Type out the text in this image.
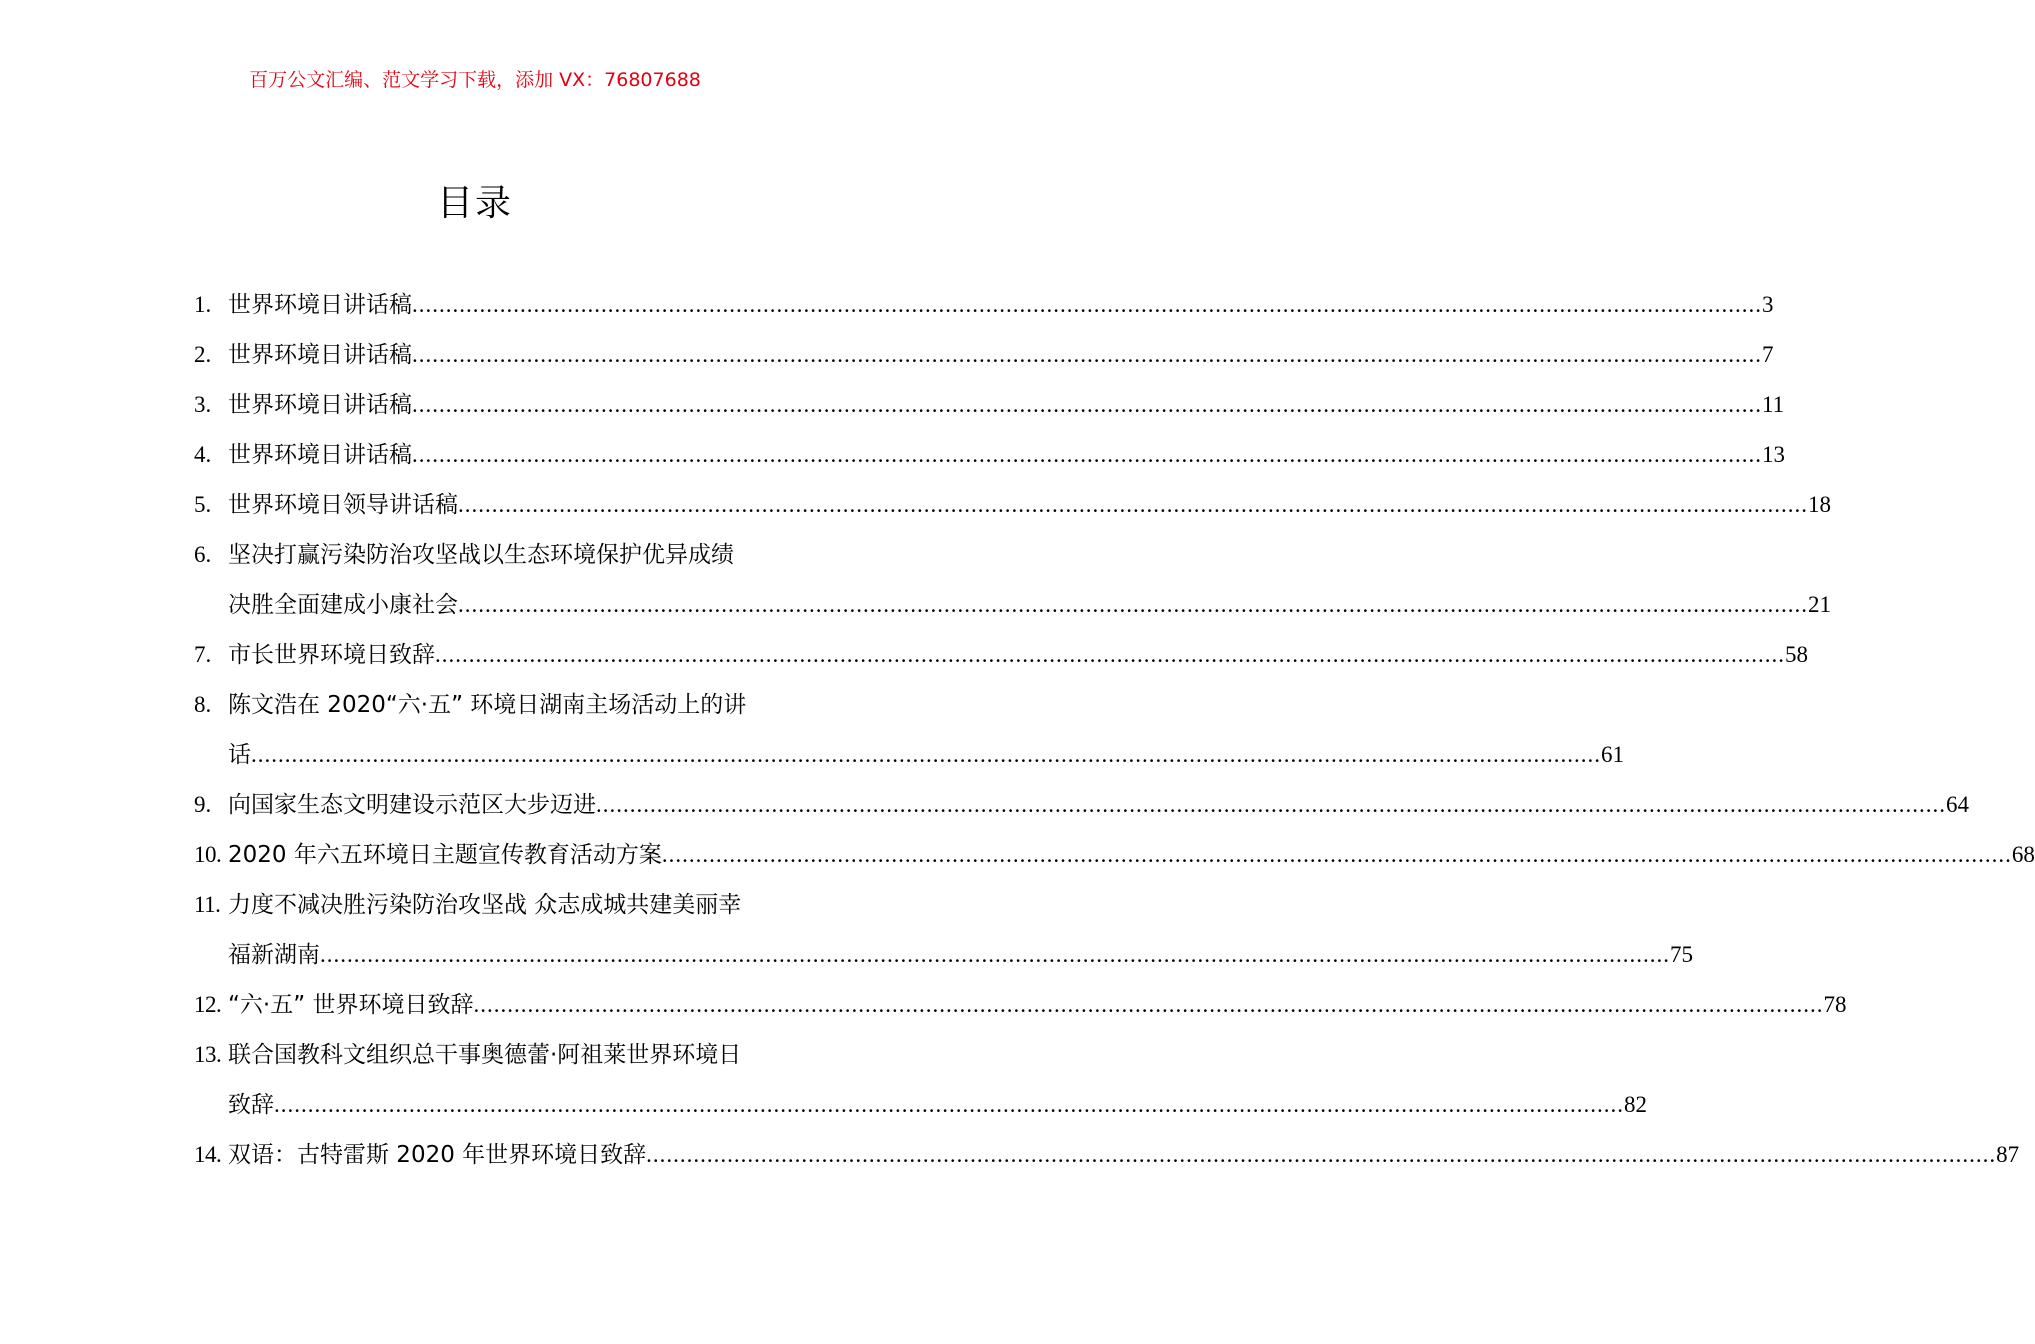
百万公文汇编、范文学习下载，添加 VX：76807688
目录
1. 世界环境日讲话稿 ........................................................................................................................................................................................................ 3
2. 世界环境日讲话稿 ........................................................................................................................................................................................................ 7
3. 世界环境日讲话稿 ........................................................................................................................................................................................................ 11
4. 世界环境日讲话稿 ........................................................................................................................................................................................................ 13
5. 世界环境日领导讲话稿 ........................................................................................................................................................................................................ 18
6. 坚决打赢污染防治攻坚战以生态环境保护优异成绩
决胜全面建成小康社会 ........................................................................................................................................................................................................ 21
7. 市长世界环境日致辞 ........................................................................................................................................................................................................ 58
8. 陈文浩在 2020“六·五” 环境日湖南主场活动上的讲
话 ........................................................................................................................................................................................................ 61
9. 向国家生态文明建设示范区大步迈进 ........................................................................................................................................................................................................ 64
10. 2020 年六五环境日主题宣传教育活动方案 ........................................................................................................................................................................................................ 68
11. 力度不减决胜污染防治攻坚战 众志成城共建美丽幸
福新湖南 ........................................................................................................................................................................................................ 75
12. “六·五” 世界环境日致辞 ........................................................................................................................................................................................................ 78
13. 联合国教科文组织总干事奥德蕾·阿祖莱世界环境日
致辞 ........................................................................................................................................................................................................ 82
14. 双语：古特雷斯 2020 年世界环境日致辞 ........................................................................................................................................................................................................ 87
